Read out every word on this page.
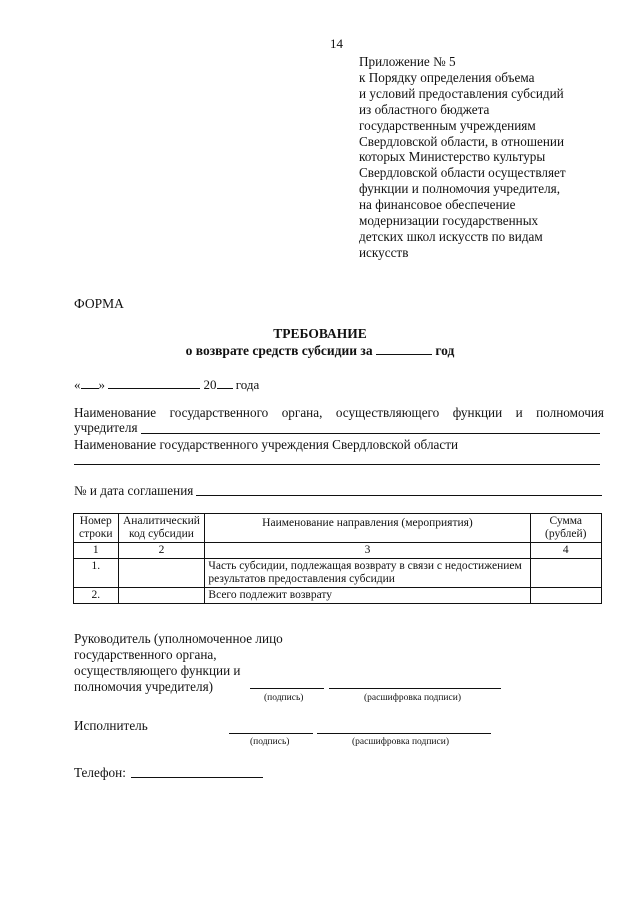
14
Приложение № 5
к Порядку определения объема
и условий предоставления субсидий
из областного бюджета
государственным учреждениям
Свердловской области, в отношении
которых Министерство культуры
Свердловской области осуществляет
функции и полномочия учредителя,
на финансовое обеспечение
модернизации государственных
детских школ искусств по видам
искусств
ФОРМА
ТРЕБОВАНИЕ
о возврате средств субсидии за	год
« »	20 года
Наименование государственного органа, осуществляющего функции и полномочия
учредителя
Наименование государственного учреждения Свердловской области
№ и дата соглашения
Номер строки	Аналитический код субсидии	Наименование направления (мероприятия)	Сумма (рублей)
1	2	3	4
1.		Часть субсидии, подлежащая возврату в связи с недостижением результатов предоставления субсидии	
2.		Всего подлежит возврату	
Руководитель (уполномоченное лицо
государственного органа,
осуществляющего функции и
полномочия учредителя)
(подпись)	(расшифровка подписи)
Исполнитель
(подпись)	(расшифровка подписи)
Телефон:
